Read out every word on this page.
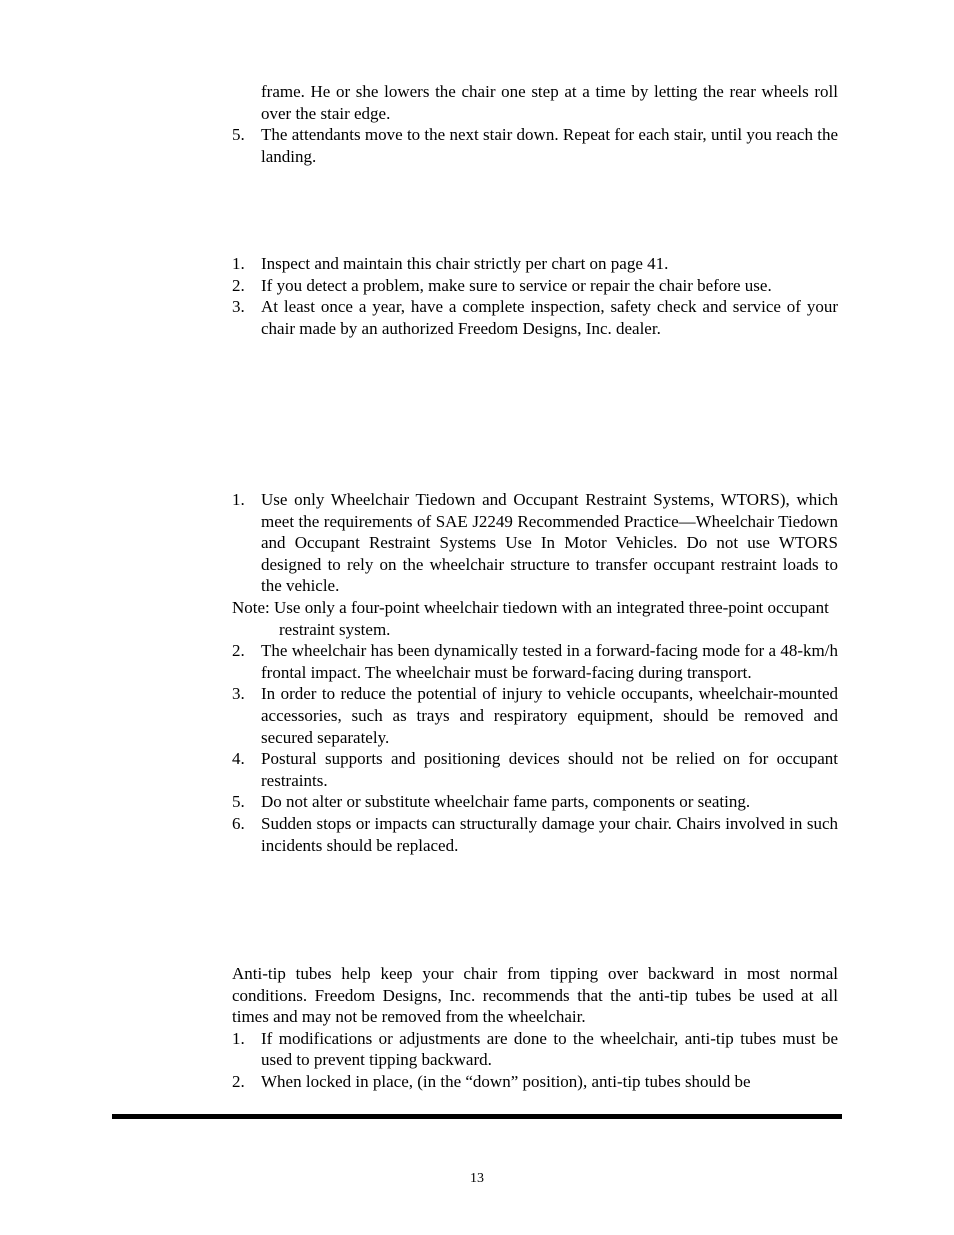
frame. He or she lowers the chair one step at a time by letting the rear wheels roll over the stair edge.
5. The attendants move to the next stair down. Repeat for each stair, until you reach the landing.
1. Inspect and maintain this chair strictly per chart on page 41.
2. If you detect a problem, make sure to service or repair the chair before use.
3. At least once a year, have a complete inspection, safety check and service of your chair made by an authorized Freedom Designs, Inc. dealer.
1. Use only Wheelchair Tiedown and Occupant Restraint Systems, WTORS), which meet the requirements of SAE J2249 Recommended Practice—Wheelchair Tiedown and Occupant Restraint Systems Use In Motor Vehicles. Do not use WTORS designed to rely on the wheelchair structure to transfer occupant restraint loads to the vehicle.
Note: Use only a four-point wheelchair tiedown with an integrated three-point occupant restraint system.
2. The wheelchair has been dynamically tested in a forward-facing mode for a 48-km/h frontal impact. The wheelchair must be forward-facing during transport.
3. In order to reduce the potential of injury to vehicle occupants, wheelchair-mounted accessories, such as trays and respiratory equipment, should be removed and secured separately.
4. Postural supports and positioning devices should not be relied on for occupant restraints.
5. Do not alter or substitute wheelchair fame parts, components or seating.
6. Sudden stops or impacts can structurally damage your chair. Chairs involved in such incidents should be replaced.
Anti-tip tubes help keep your chair from tipping over backward in most normal conditions. Freedom Designs, Inc. recommends that the anti-tip tubes be used at all times and may not be removed from the wheelchair.
1. If modifications or adjustments are done to the wheelchair, anti-tip tubes must be used to prevent tipping backward.
2. When locked in place, (in the “down” position), anti-tip tubes should be
13
